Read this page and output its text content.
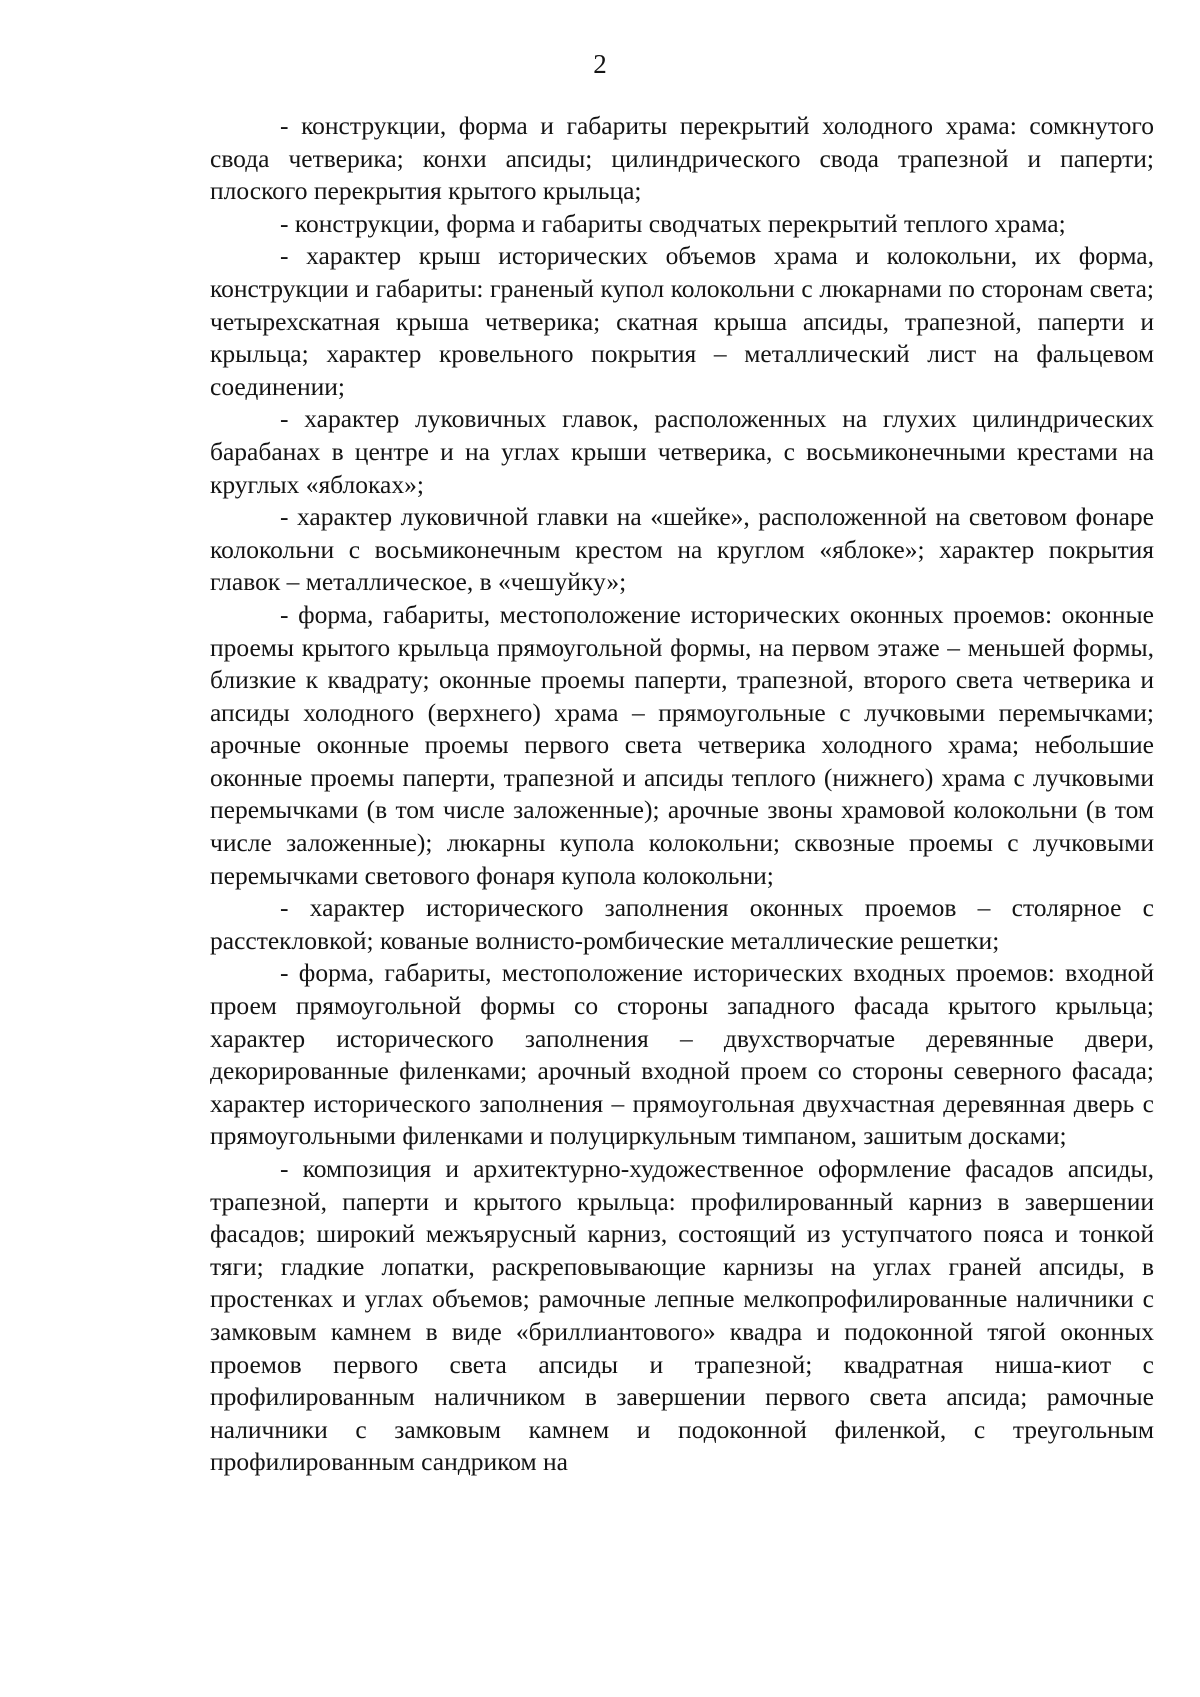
2

- конструкции, форма и габариты перекрытий холодного храма: сомкнутого свода четверика; конхи апсиды; цилиндрического свода трапезной и паперти; плоского перекрытия крытого крыльца;

- конструкции, форма и габариты сводчатых перекрытий теплого храма;

- характер крыш исторических объемов храма и колокольни, их форма, конструкции и габариты: граненый купол колокольни с люкарнами по сторонам света; четырехскатная крыша четверика; скатная крыша апсиды, трапезной, паперти и крыльца; характер кровельного покрытия – металлический лист на фальцевом соединении;

- характер луковичных главок, расположенных на глухих цилиндрических барабанах в центре и на углах крыши четверика, с восьмиконечными крестами на круглых «яблоках»;

- характер луковичной главки на «шейке», расположенной на световом фонаре колокольни с восьмиконечным крестом на круглом «яблоке»; характер покрытия главок – металлическое, в «чешуйку»;

- форма, габариты, местоположение исторических оконных проемов: оконные проемы крытого крыльца прямоугольной формы, на первом этаже – меньшей формы, близкие к квадрату; оконные проемы паперти, трапезной, второго света четверика и апсиды холодного (верхнего) храма – прямоугольные с лучковыми перемычками; арочные оконные проемы первого света четверика холодного храма; небольшие оконные проемы паперти, трапезной и апсиды теплого (нижнего) храма с лучковыми перемычками (в том числе заложенные); арочные звоны храмовой колокольни (в том числе заложенные); люкарны купола колокольни; сквозные проемы с лучковыми перемычками светового фонаря купола колокольни;

- характер исторического заполнения оконных проемов – столярное с расстекловкой; кованые волнисто-ромбические металлические решетки;

- форма, габариты, местоположение исторических входных проемов: входной проем прямоугольной формы со стороны западного фасада крытого крыльца; характер исторического заполнения – двухстворчатые деревянные двери, декорированные филенками; арочный входной проем со стороны северного фасада; характер исторического заполнения – прямоугольная двухчастная деревянная дверь с прямоугольными филенками и полуциркульным тимпаном, зашитым досками;

- композиция и архитектурно-художественное оформление фасадов апсиды, трапезной, паперти и крытого крыльца: профилированный карниз в завершении фасадов; широкий межъярусный карниз, состоящий из уступчатого пояса и тонкой тяги; гладкие лопатки, раскреповывающие карнизы на углах граней апсиды, в простенках и углах объемов; рамочные лепные мелкопрофилированные наличники с замковым камнем в виде «бриллиантового» квадра и подоконной тягой оконных проемов первого света апсиды и трапезной; квадратная ниша-киот с профилированным наличником в завершении первого света апсида; рамочные наличники с замковым камнем и подоконной филенкой, с треугольным профилированным сандриком на
